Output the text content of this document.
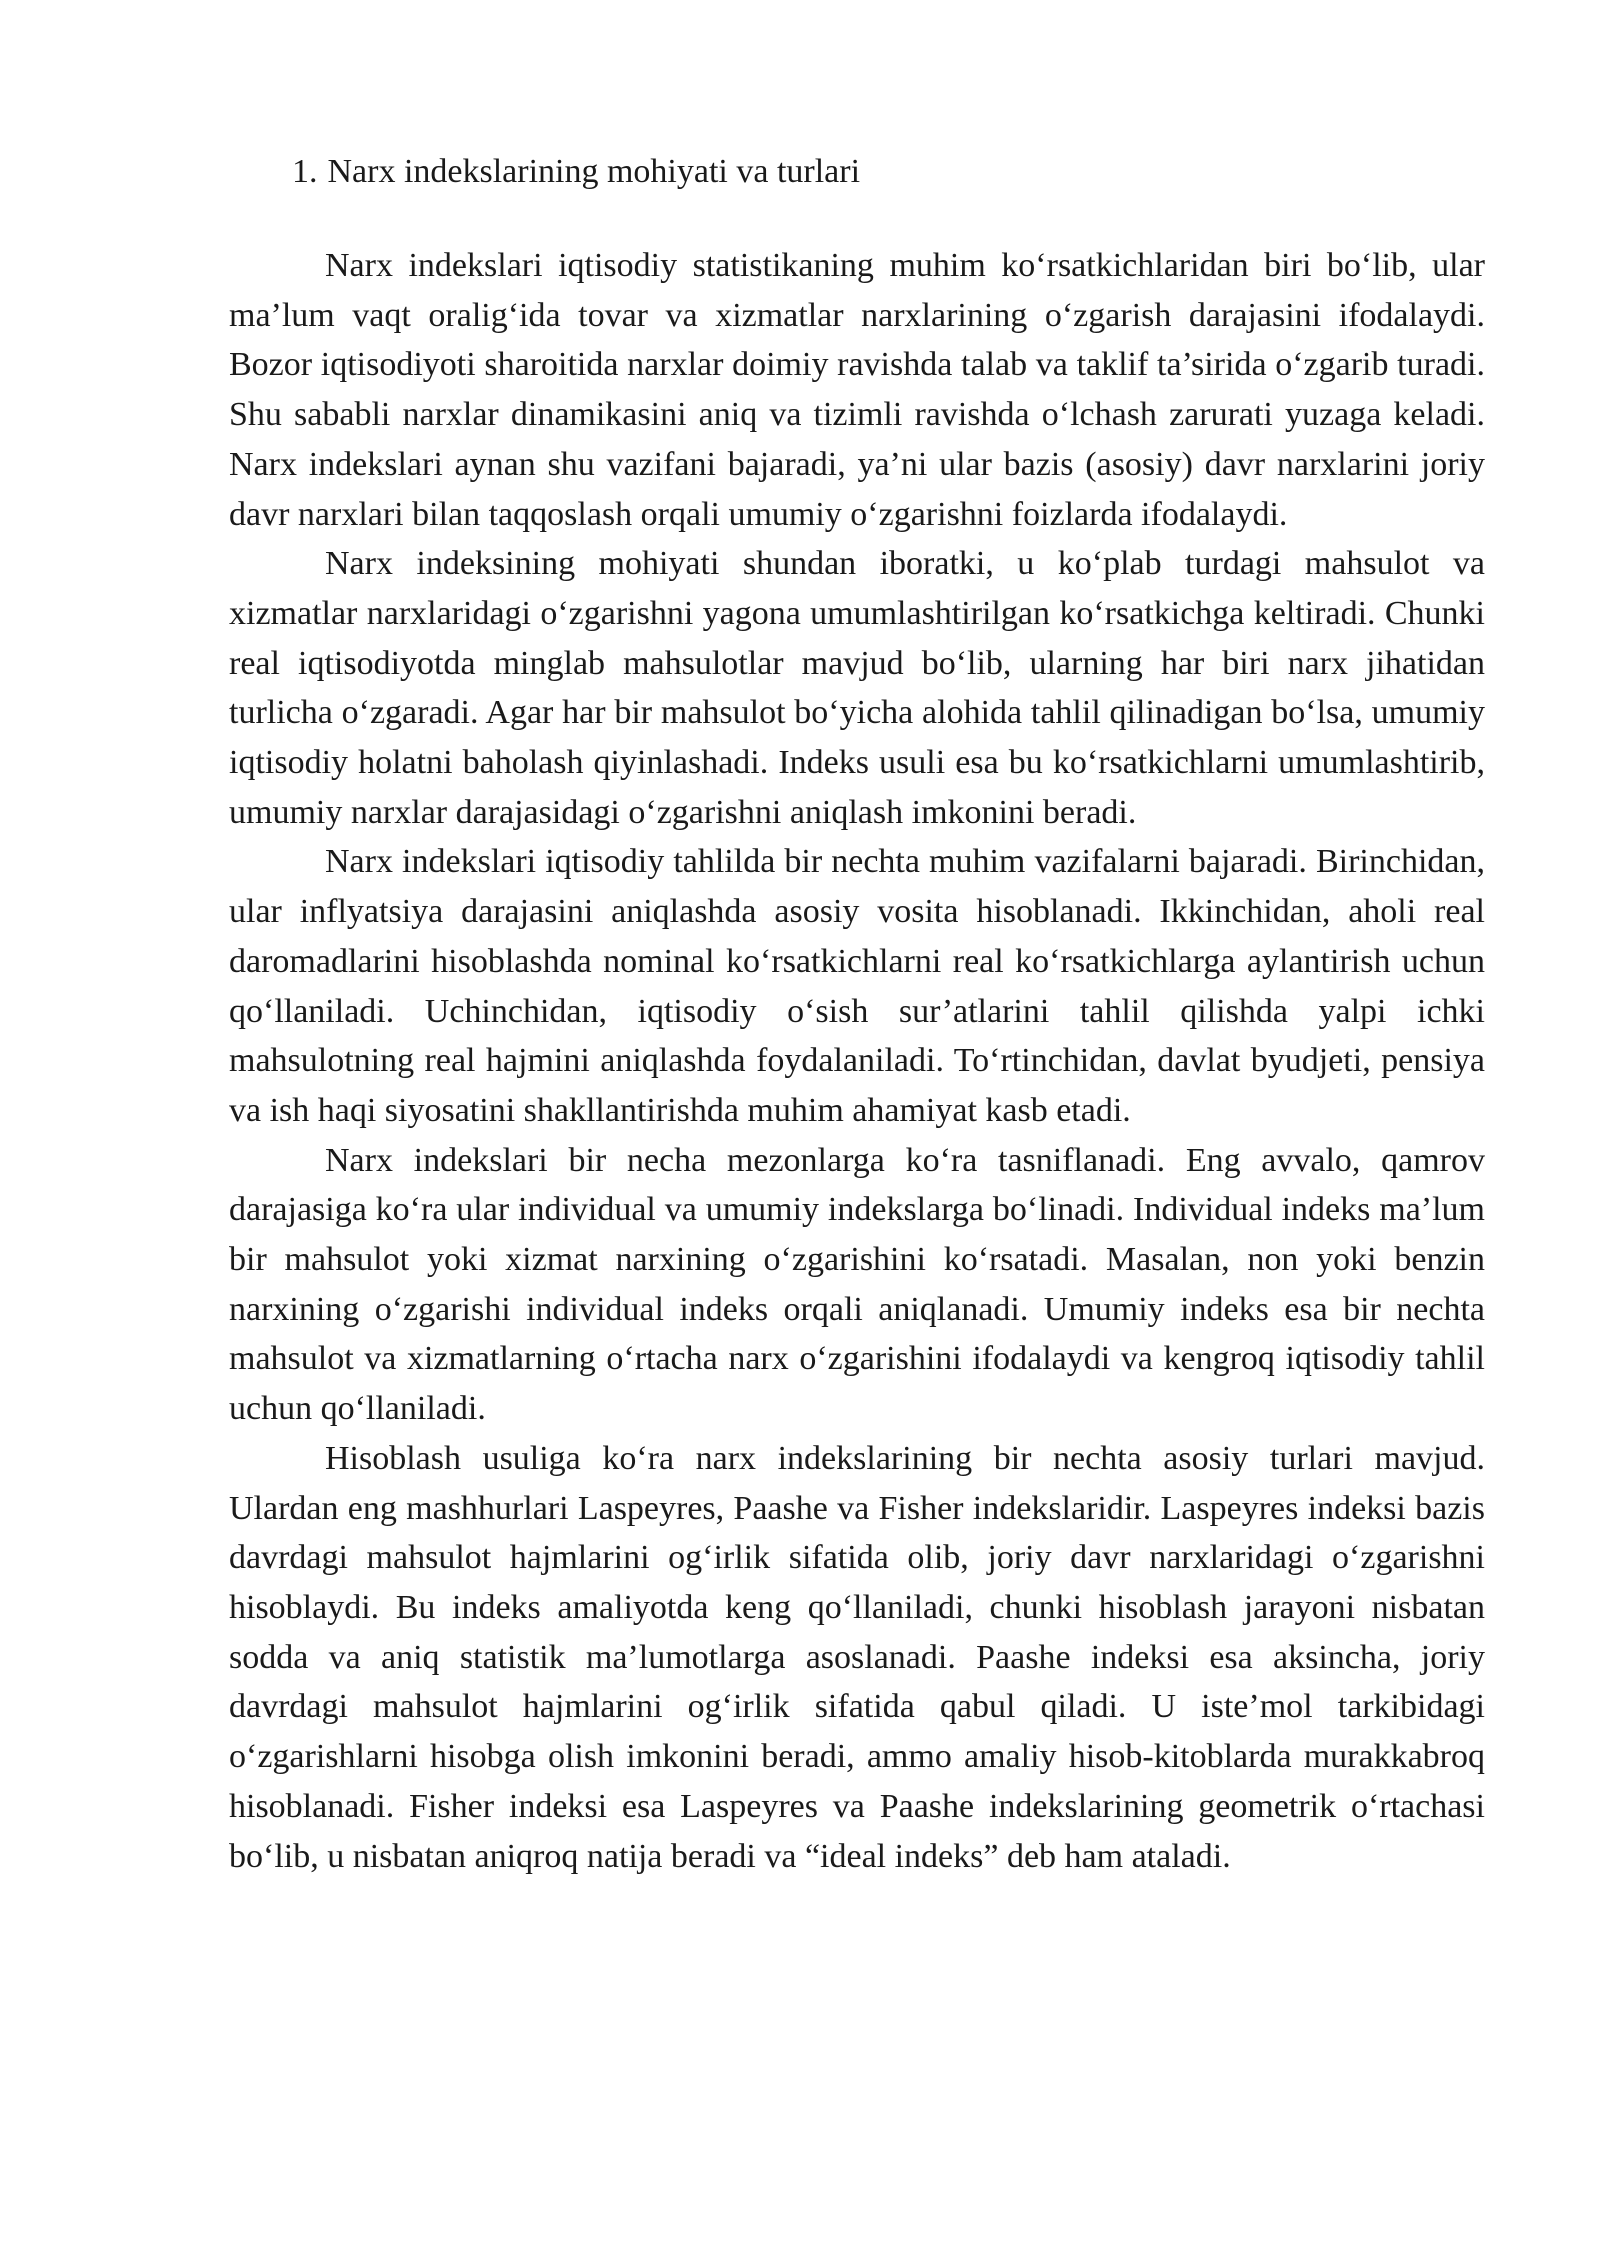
1. Narx indekslarining mohiyati va turlari

Narx indekslari iqtisodiy statistikaning muhim ko‘rsatkichlaridan biri bo‘lib, ular ma’lum vaqt oralig‘ida tovar va xizmatlar narxlarining o‘zgarish darajasini ifodalaydi. Bozor iqtisodiyoti sharoitida narxlar doimiy ravishda talab va taklif ta’sirida o‘zgarib turadi. Shu sababli narxlar dinamikasini aniq va tizimli ravishda o‘lchash zarurati yuzaga keladi. Narx indekslari aynan shu vazifani bajaradi, ya’ni ular bazis (asosiy) davr narxlarini joriy davr narxlari bilan taqqoslash orqali umumiy o‘zgarishni foizlarda ifodalaydi.

Narx indeksining mohiyati shundan iboratki, u ko‘plab turdagi mahsulot va xizmatlar narxlaridagi o‘zgarishni yagona umumlashtirilgan ko‘rsatkichga keltiradi. Chunki real iqtisodiyotda minglab mahsulotlar mavjud bo‘lib, ularning har biri narx jihatidan turlicha o‘zgaradi. Agar har bir mahsulot bo‘yicha alohida tahlil qilinadigan bo‘lsa, umumiy iqtisodiy holatni baholash qiyinlashadi. Indeks usuli esa bu ko‘rsatkichlarni umumlashtirib, umumiy narxlar darajasidagi o‘zgarishni aniqlash imkonini beradi.

Narx indekslari iqtisodiy tahlilda bir nechta muhim vazifalarni bajaradi. Birinchidan, ular inflyatsiya darajasini aniqlashda asosiy vosita hisoblanadi. Ikkinchidan, aholi real daromadlarini hisoblashda nominal ko‘rsatkichlarni real ko‘rsatkichlarga aylantirish uchun qo‘llaniladi. Uchinchidan, iqtisodiy o‘sish sur’atlarini tahlil qilishda yalpi ichki mahsulotning real hajmini aniqlashda foydalaniladi. To‘rtinchidan, davlat byudjeti, pensiya va ish haqi siyosatini shakllantirishda muhim ahamiyat kasb etadi.

Narx indekslari bir necha mezonlarga ko‘ra tasniflanadi. Eng avvalo, qamrov darajasiga ko‘ra ular individual va umumiy indekslarga bo‘linadi. Individual indeks ma’lum bir mahsulot yoki xizmat narxining o‘zgarishini ko‘rsatadi. Masalan, non yoki benzin narxining o‘zgarishi individual indeks orqali aniqlanadi. Umumiy indeks esa bir nechta mahsulot va xizmatlarning o‘rtacha narx o‘zgarishini ifodalaydi va kengroq iqtisodiy tahlil uchun qo‘llaniladi.

Hisoblash usuliga ko‘ra narx indekslarining bir nechta asosiy turlari mavjud. Ulardan eng mashhurlari Laspeyres, Paashe va Fisher indekslaridir. Laspeyres indeksi bazis davrdagi mahsulot hajmlarini og‘irlik sifatida olib, joriy davr narxlaridagi o‘zgarishni hisoblaydi. Bu indeks amaliyotda keng qo‘llaniladi, chunki hisoblash jarayoni nisbatan sodda va aniq statistik ma’lumotlarga asoslanadi. Paashe indeksi esa aksincha, joriy davrdagi mahsulot hajmlarini og‘irlik sifatida qabul qiladi. U iste’mol tarkibidagi o‘zgarishlarni hisobga olish imkonini beradi, ammo amaliy hisob-kitoblarda murakkabroq hisoblanadi. Fisher indeksi esa Laspeyres va Paashe indekslarining geometrik o‘rtachasi bo‘lib, u nisbatan aniqroq natija beradi va “ideal indeks” deb ham ataladi.
